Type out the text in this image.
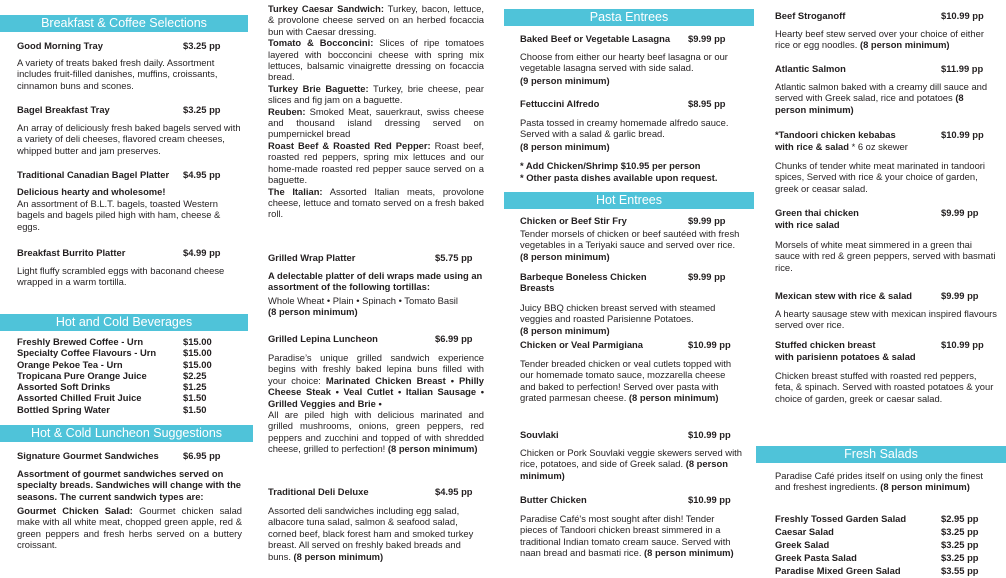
Breakfast & Coffee Selections
Good Morning Tray	$3.25 pp
A variety of treats baked fresh daily. Assortment includes fruit-filled danishes, muffins, croissants, cinnamon buns and scones.
Bagel Breakfast Tray	$3.25 pp
An array of deliciously fresh baked bagels served with a variety of deli cheeses, flavored cream cheeses, whipped butter and jam preserves.
Traditional Canadian Bagel Platter $4.95 pp
Delicious hearty and wholesome!
An assortment of B.L.T. bagels, toasted Western bagels and bagels piled high with ham, cheese & eggs.
Breakfast Burrito Platter	$4.99 pp
Light fluffy scrambled eggs with baconand cheese wrapped in a warm tortilla.
Hot and Cold Beverages
Freshly Brewed Coffee - Urn	$15.00
Specialty Coffee Flavours - Urn	$15.00
Orange Pekoe Tea - Urn	$15.00
Tropicana Pure Orange Juice	$2.25
Assorted Soft Drinks	$1.25
Assorted Chilled Fruit Juice	$1.50
Bottled Spring Water	$1.50
Hot & Cold Luncheon Suggestions
Signature Gourmet Sandwiches	$6.95 pp
Assortment of gourmet sandwiches served on specialty breads. Sandwiches will change with the seasons. The current sandwich types are:
Gourmet Chicken Salad: Gourmet chicken salad make with all white meat, chopped green apple, red & green peppers and fresh herbs served on a buttery croissant.
Turkey Caesar Sandwich: Turkey, bacon, lettuce, & provolone cheese served on an herbed focaccia bun with Caesar dressing.
Tomato & Bocconcini: Slices of ripe tomatoes layered with bocconcini cheese with spring mix lettuces, balsamic vinaigrette dressing on focaccia bread.
Turkey Brie Baguette: Turkey, brie cheese, pear slices and fig jam on a baguette.
Reuben: Smoked Meat, sauerkraut, swiss cheese and thousand island dressing served on pumpernickel bread
Roast Beef & Roasted Red Pepper: Roast beef, roasted red peppers, spring mix lettuces and our home-made roasted red pepper sauce served on a baguette.
The Italian: Assorted Italian meats, provolone cheese, lettuce and tomato served on a fresh baked roll.
Grilled Wrap Platter	$5.75 pp
A delectable platter of deli wraps made using an assortment of the following tortillas:
Whole Wheat • Plain • Spinach • Tomato Basil
(8 person minimum)
Grilled Lepina Luncheon	$6.99 pp
Paradise’s unique grilled sandwich experience begins with freshly baked lepina buns filled with your choice: Marinated Chicken Breast • Philly Cheese Steak • Veal Cutlet • Italian Sausage • Grilled Veggies and Brie •
All are piled high with delicious marinated and grilled mushrooms, onions, green peppers, red peppers and zucchini and topped of with shredded cheese, grilled to perfection! (8 person minimum)
Traditional Deli Deluxe	$4.95 pp
Assorted deli sandwiches including egg salad, albacore tuna salad, salmon & seafood salad, corned beef, black forest ham and smoked turkey breast. All served on freshly baked breads and buns. (8 person minimum)
Pasta Entrees
Baked Beef or Vegetable Lasagna $9.99 pp
Choose from either our hearty beef lasagna or our vegetable lasagna served with side salad.
(9 person minimum)
Fettuccini Alfredo	$8.95 pp
Pasta tossed in creamy homemade alfredo sauce. Served with a salad & garlic bread.
(8 person minimum)
* Add Chicken/Shrimp $10.95 per person
* Other pasta dishes available upon request.
Hot Entrees
Chicken or Beef Stir Fry	$9.99 pp
Tender morsels of chicken or beef sautéed with fresh vegetables in a Teriyaki sauce and served over rice. (8 person minimum)
Barbeque Boneless Chicken Breasts
$9.99 pp
Juicy BBQ chicken breast served with steamed veggies and roasted Parisienne Potatoes.
(8 person minimum)
Chicken or Veal Parmigiana	$10.99 pp
Tender breaded chicken or veal cutlets topped with our homemade tomato sauce, mozzarella cheese and baked to perfection! Served over pasta with grated parmesan cheese. (8 person minimum)
Souvlaki	$10.99 pp
Chicken or Pork Souvlaki veggie skewers served with rice, potatoes, and side of Greek salad. (8 person minimum)
Butter Chicken	$10.99 pp
Paradise Café's most sought after dish! Tender pieces of Tandoori chicken breast simmered in a traditional Indian tomato cream sauce. Served with naan bread and basmati rice. (8 person minimum)
Beef Stroganoff	$10.99 pp
Hearty beef stew served over your choice of either rice or egg noodles. (8 person minimum)
Atlantic Salmon	$11.99 pp
Atlantic salmon baked with a creamy dill sauce and served with Greek salad, rice and potatoes (8 person minimum)
*Tandoori chicken kebabas	$10.99 pp
with rice & salad * 6 oz skewer
Chunks of tender white meat marinated in tandoori spices, Served with rice & your choice of garden, greek or ceasar salad.
Green thai chicken	$9.99 pp
with rice salad
Morsels of white meat simmered in a green thai sauce with red & green peppers, served with basmati rice.
Mexican stew with rice & salad	$9.99 pp
A hearty sausage stew with mexican inspired flavours served over rice.
Stuffed chicken breast	$10.99 pp
with parisienn potatoes & salad
Chicken breast stuffed with roasted red peppers, feta, & spinach. Served with roasted potatoes & your choice of garden, greek or caesar salad.
Fresh Salads
Paradise Café prides itself on using only the finest and freshest ingredients. (8 person minimum)
Freshly Tossed Garden Salad	$2.95 pp
Caesar Salad	$3.25 pp
Greek Salad	$3.25 pp
Greek Pasta Salad	$3.25 pp
Paradise Mixed Green Salad	$3.55 pp
